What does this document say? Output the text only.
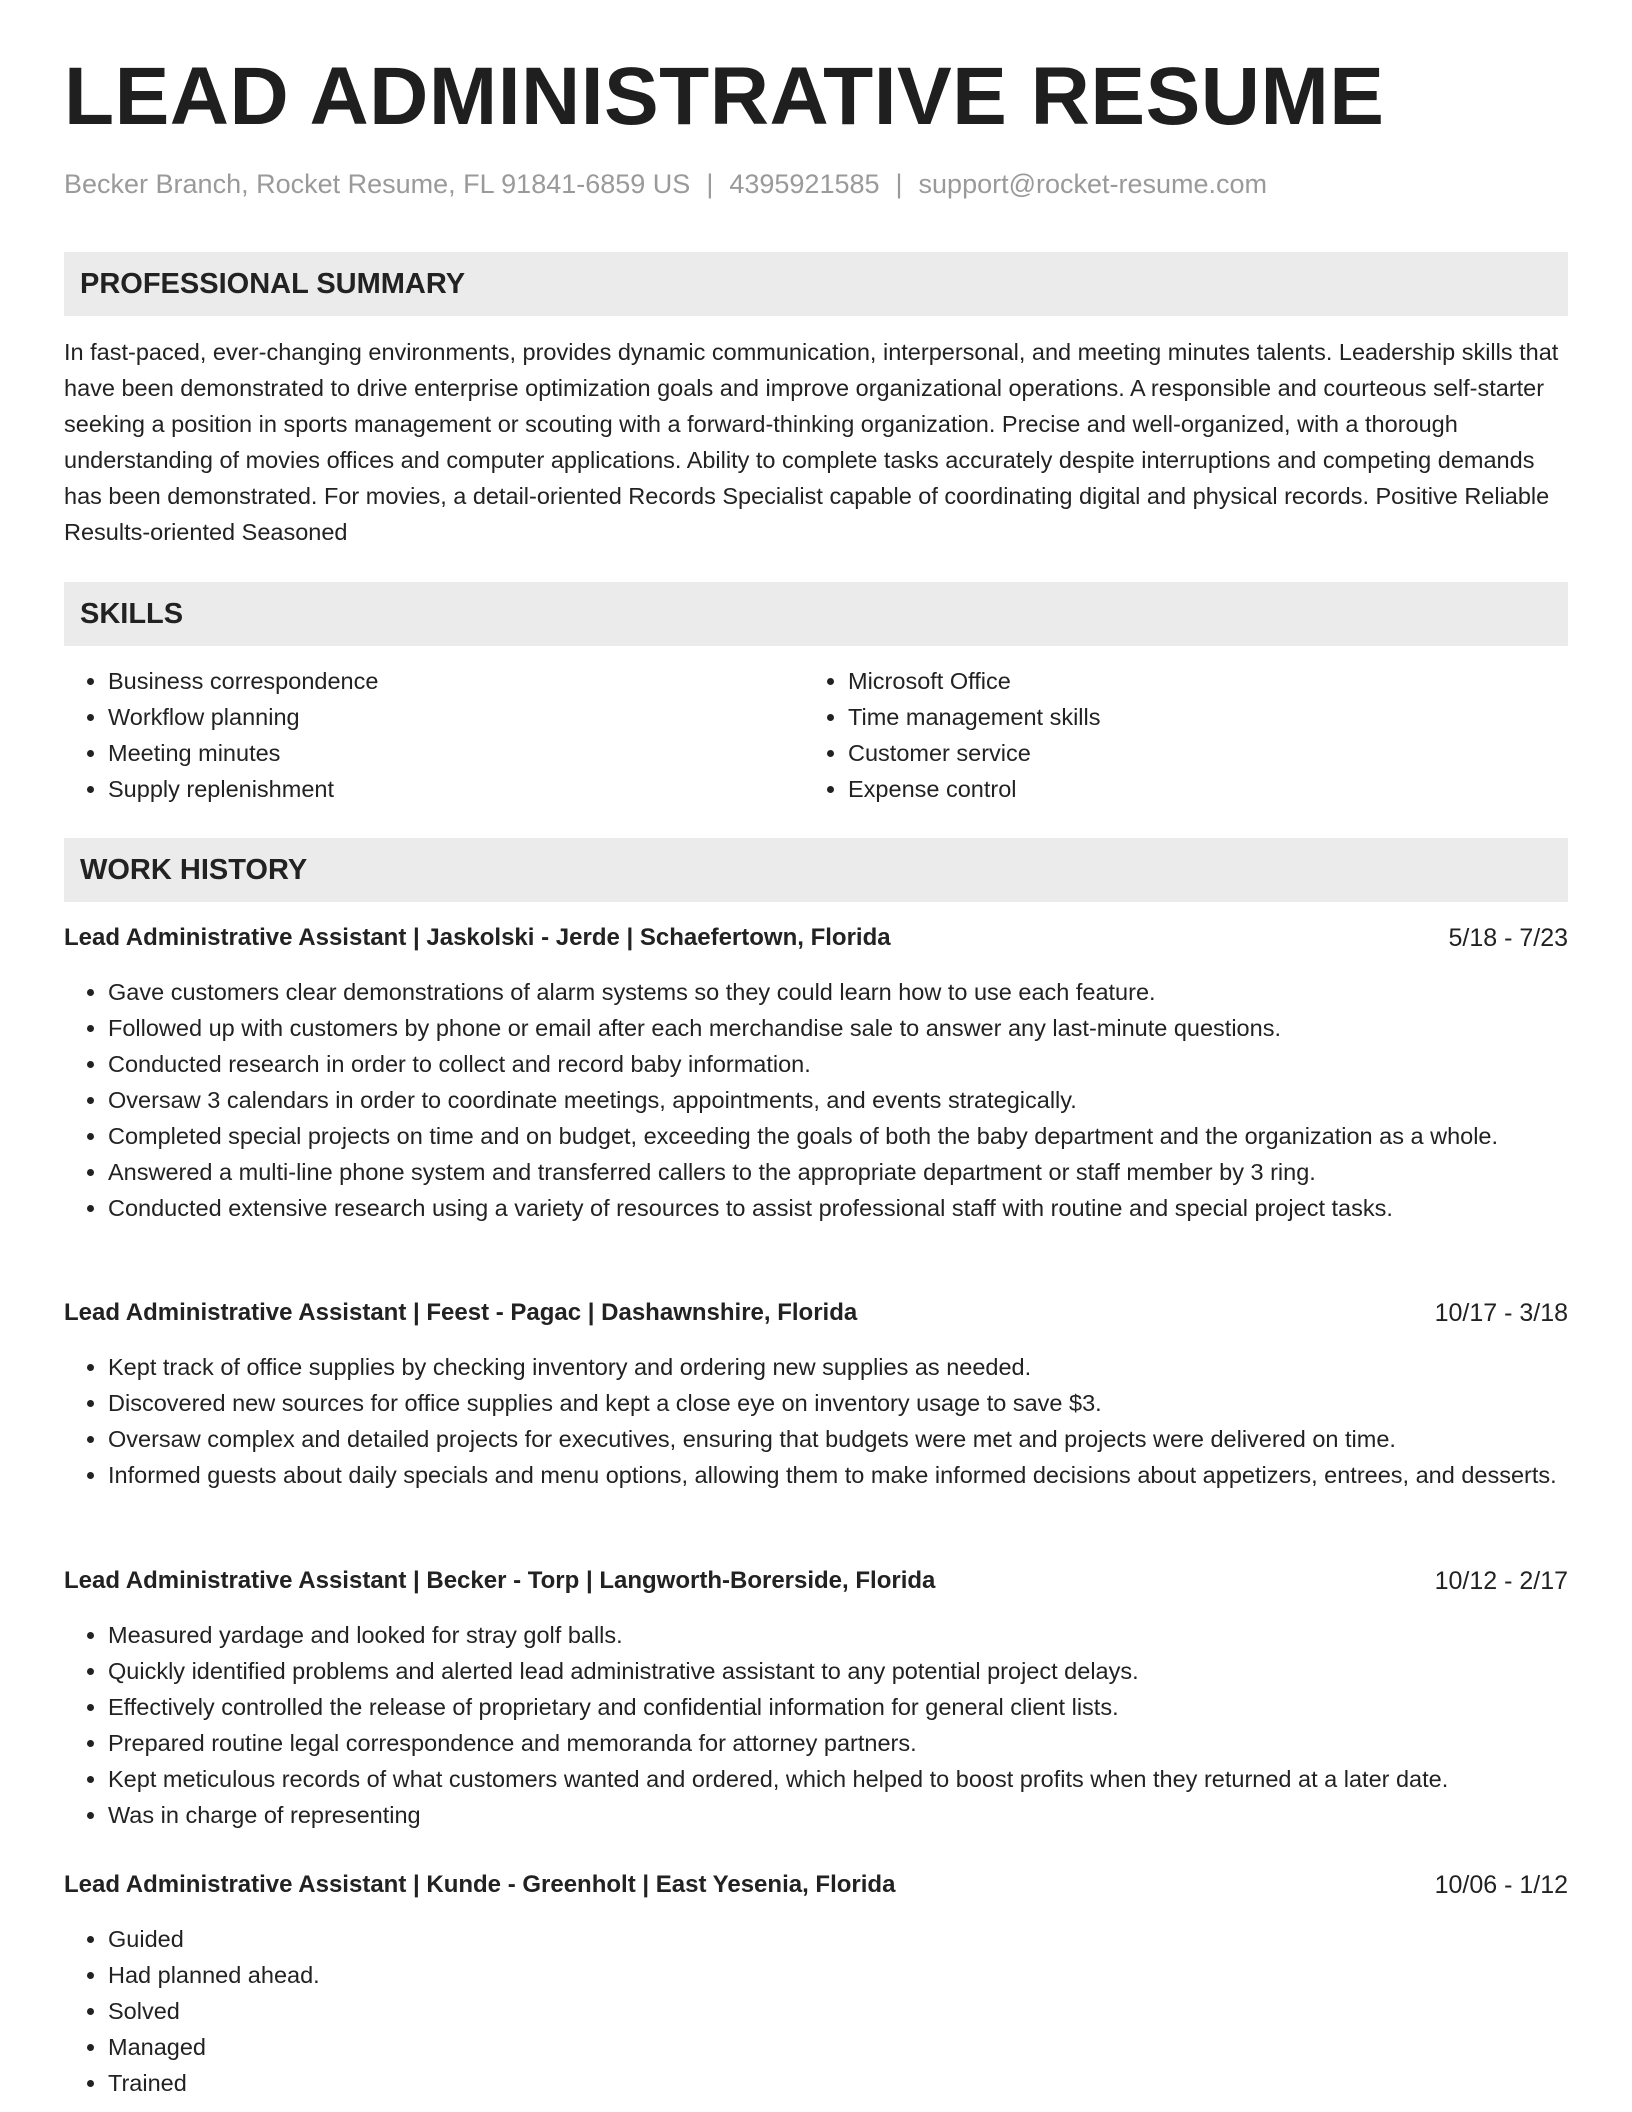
LEAD ADMINISTRATIVE RESUME
Becker Branch, Rocket Resume, FL 91841-6859 US | 4395921585 | support@rocket-resume.com
PROFESSIONAL SUMMARY

In fast-paced, ever-changing environments, provides dynamic communication, interpersonal, and meeting minutes talents. Leadership skills that have been demonstrated to drive enterprise optimization goals and improve organizational operations. A responsible and courteous self-starter seeking a position in sports management or scouting with a forward-thinking organization. Precise and well-organized, with a thorough understanding of movies offices and computer applications. Ability to complete tasks accurately despite interruptions and competing demands has been demonstrated. For movies, a detail-oriented Records Specialist capable of coordinating digital and physical records. Positive Reliable Results-oriented Seasoned

SKILLS
• Business correspondence
• Workflow planning
• Meeting minutes
• Supply replenishment
• Microsoft Office
• Time management skills
• Customer service
• Expense control
WORK HISTORY
Lead Administrative Assistant | Jaskolski - Jerde | Schaefertown, Florida	5/18 - 7/23
• Gave customers clear demonstrations of alarm systems so they could learn how to use each feature.
• Followed up with customers by phone or email after each merchandise sale to answer any last-minute questions.
• Conducted research in order to collect and record baby information.
• Oversaw 3 calendars in order to coordinate meetings, appointments, and events strategically.
• Completed special projects on time and on budget, exceeding the goals of both the baby department and the organization as a whole.
• Answered a multi-line phone system and transferred callers to the appropriate department or staff member by 3 ring.
• Conducted extensive research using a variety of resources to assist professional staff with routine and special project tasks.
Lead Administrative Assistant | Feest - Pagac | Dashawnshire, Florida	10/17 - 3/18
• Kept track of office supplies by checking inventory and ordering new supplies as needed.
• Discovered new sources for office supplies and kept a close eye on inventory usage to save $3.
• Oversaw complex and detailed projects for executives, ensuring that budgets were met and projects were delivered on time.
• Informed guests about daily specials and menu options, allowing them to make informed decisions about appetizers, entrees, and desserts.
Lead Administrative Assistant | Becker - Torp | Langworth-Borerside, Florida	10/12 - 2/17
• Measured yardage and looked for stray golf balls.
• Quickly identified problems and alerted lead administrative assistant to any potential project delays.
• Effectively controlled the release of proprietary and confidential information for general client lists.
• Prepared routine legal correspondence and memoranda for attorney partners.
• Kept meticulous records of what customers wanted and ordered, which helped to boost profits when they returned at a later date.
• Was in charge of representing
Lead Administrative Assistant | Kunde - Greenholt | East Yesenia, Florida	10/06 - 1/12
• Guided
• Had planned ahead.
• Solved
• Managed
• Trained
